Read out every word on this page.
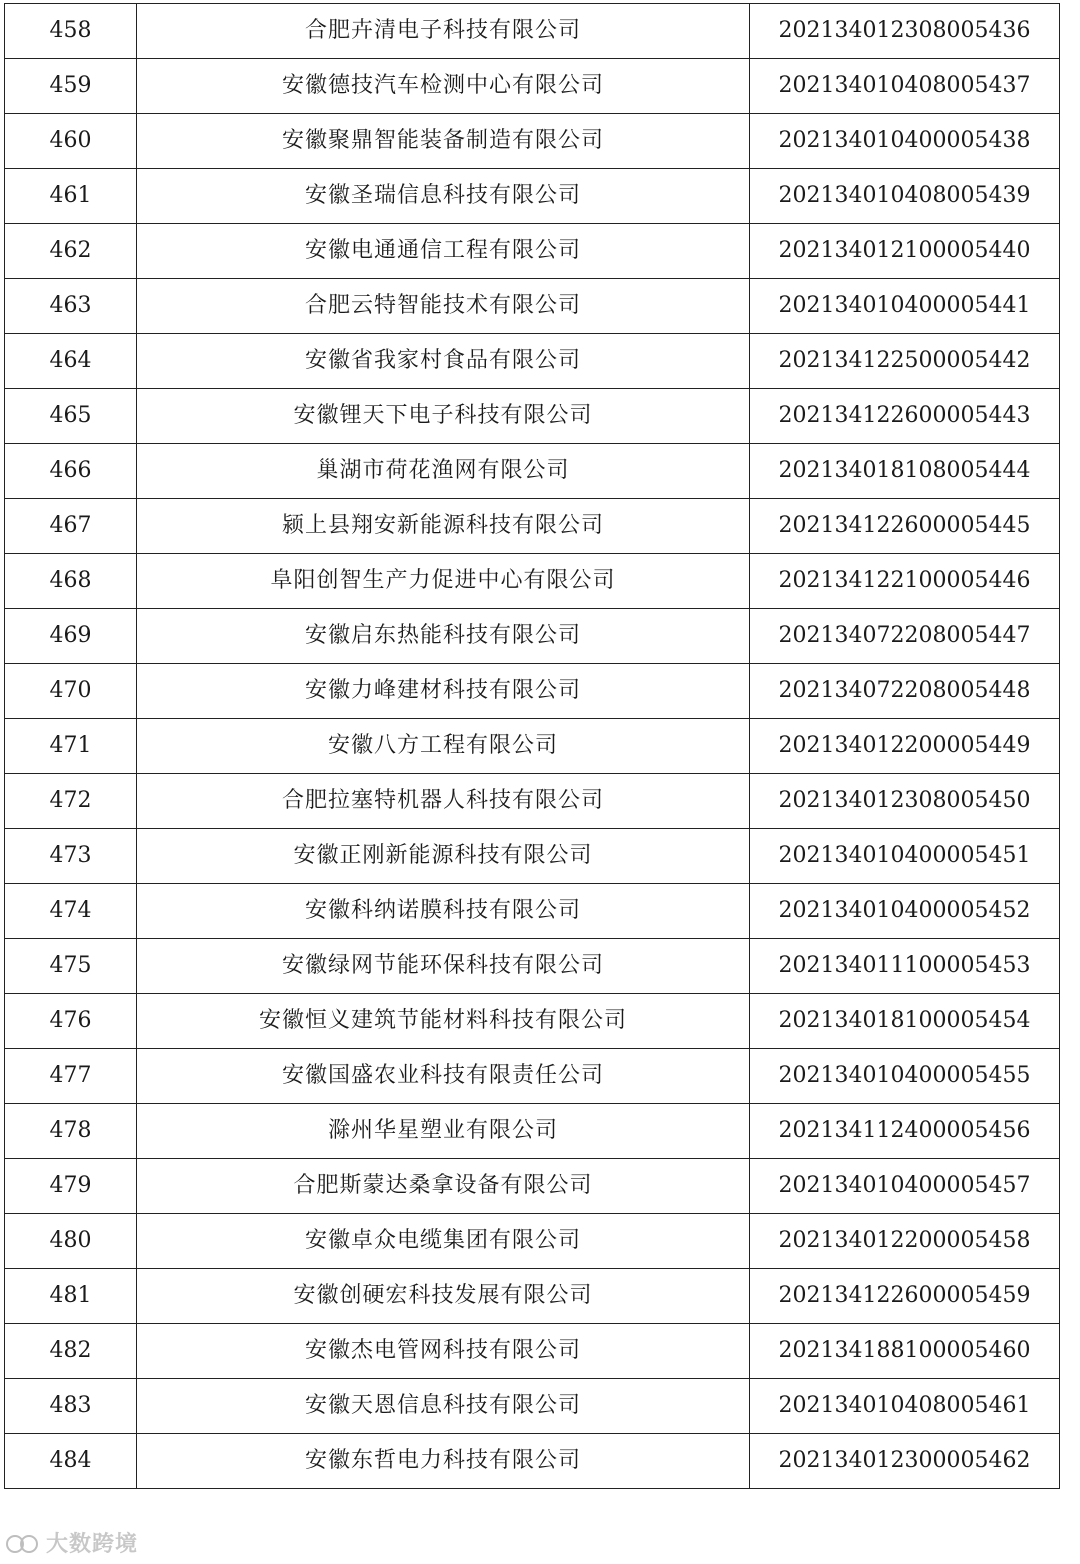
458	合肥卉清电子科技有限公司	202134012308005436
459	安徽德技汽车检测中心有限公司	202134010408005437
460	安徽聚鼎智能装备制造有限公司	202134010400005438
461	安徽圣瑞信息科技有限公司	202134010408005439
462	安徽电通通信工程有限公司	202134012100005440
463	合肥云特智能技术有限公司	202134010400005441
464	安徽省我家村食品有限公司	202134122500005442
465	安徽锂天下电子科技有限公司	202134122600005443
466	巢湖市荷花渔网有限公司	202134018108005444
467	颍上县翔安新能源科技有限公司	202134122600005445
468	阜阳创智生产力促进中心有限公司	202134122100005446
469	安徽启东热能科技有限公司	202134072208005447
470	安徽力峰建材科技有限公司	202134072208005448
471	安徽八方工程有限公司	202134012200005449
472	合肥拉塞特机器人科技有限公司	202134012308005450
473	安徽正刚新能源科技有限公司	202134010400005451
474	安徽科纳诺膜科技有限公司	202134010400005452
475	安徽绿网节能环保科技有限公司	202134011100005453
476	安徽恒义建筑节能材料科技有限公司	202134018100005454
477	安徽国盛农业科技有限责任公司	202134010400005455
478	滁州华星塑业有限公司	202134112400005456
479	合肥斯蒙达桑拿设备有限公司	202134010400005457
480	安徽卓众电缆集团有限公司	202134012200005458
481	安徽创硬宏科技发展有限公司	202134122600005459
482	安徽杰电管网科技有限公司	202134188100005460
483	安徽天恩信息科技有限公司	202134010408005461
484	安徽东哲电力科技有限公司	202134012300005462
大数跨境
